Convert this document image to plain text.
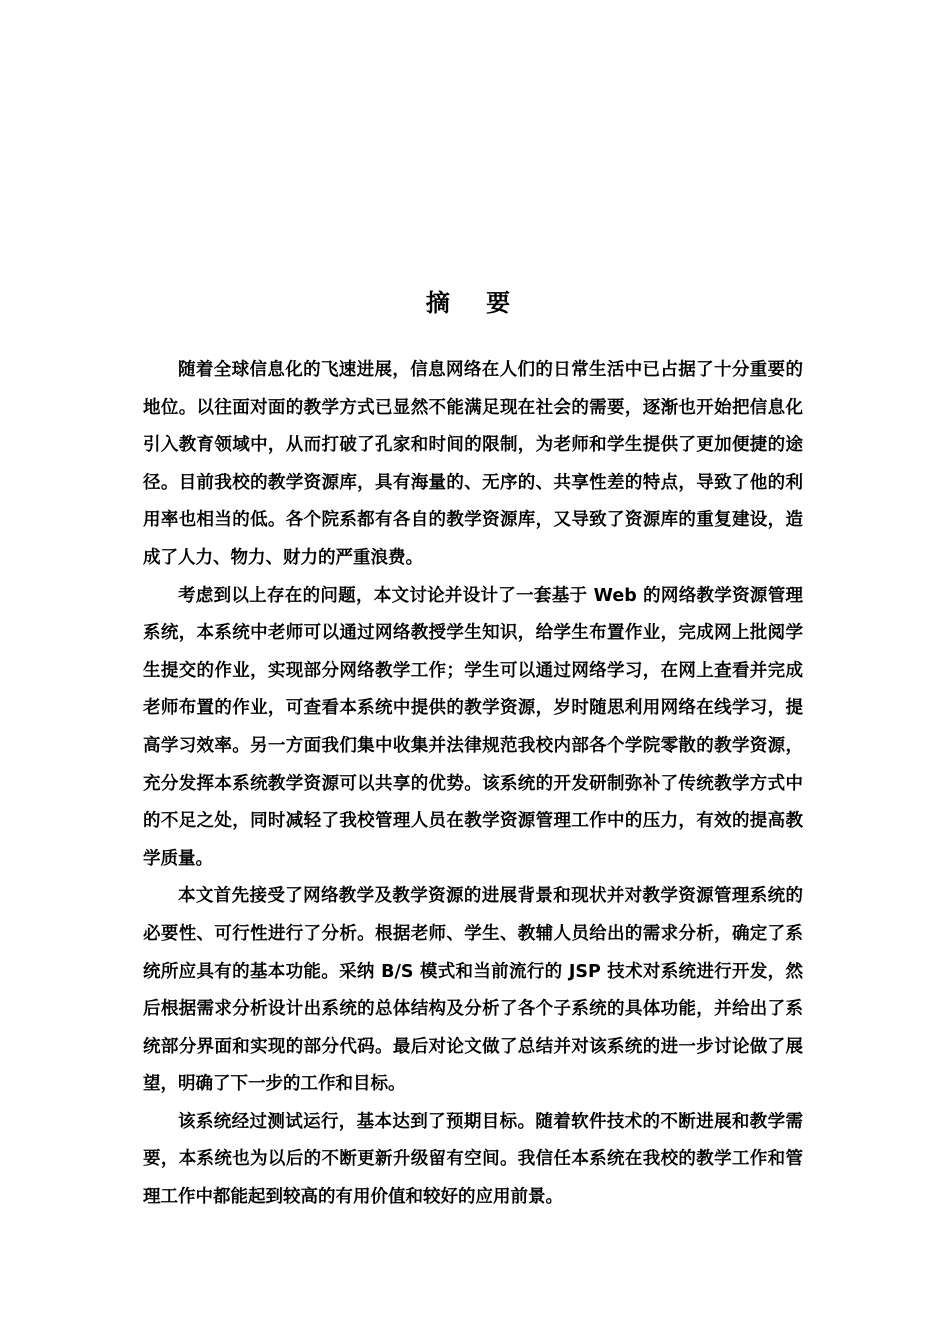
摘 要

随着全球信息化的飞速进展，信息网络在人们的日常生活中已占据了十分重要的地位。以往面对面的教学方式已显然不能满足现在社会的需要，逐渐也开始把信息化引入教育领域中，从而打破了孔家和时间的限制，为老师和学生提供了更加便捷的途径。目前我校的教学资源库，具有海量的、无序的、共享性差的特点，导致了他的利用率也相当的低。各个院系都有各自的教学资源库，又导致了资源库的重复建设，造成了人力、物力、财力的严重浪费。

考虑到以上存在的问题，本文讨论并设计了一套基于 Web 的网络教学资源管理系统，本系统中老师可以通过网络教授学生知识，给学生布置作业，完成网上批阅学生提交的作业，实现部分网络教学工作；学生可以通过网络学习，在网上查看并完成老师布置的作业，可查看本系统中提供的教学资源，岁时随思利用网络在线学习，提高学习效率。另一方面我们集中收集并法律规范我校内部各个学院零散的教学资源，充分发挥本系统教学资源可以共享的优势。该系统的开发研制弥补了传统教学方式中的不足之处，同时减轻了我校管理人员在教学资源管理工作中的压力，有效的提高教学质量。

本文首先接受了网络教学及教学资源的进展背景和现状并对教学资源管理系统的必要性、可行性进行了分析。根据老师、学生、教辅人员给出的需求分析，确定了系统所应具有的基本功能。采纳 B/S 模式和当前流行的 JSP 技术对系统进行开发，然后根据需求分析设计出系统的总体结构及分析了各个子系统的具体功能，并给出了系统部分界面和实现的部分代码。最后对论文做了总结并对该系统的进一步讨论做了展望，明确了下一步的工作和目标。

该系统经过测试运行，基本达到了预期目标。随着软件技术的不断进展和教学需要，本系统也为以后的不断更新升级留有空间。我信任本系统在我校的教学工作和管理工作中都能起到较高的有用价值和较好的应用前景。
